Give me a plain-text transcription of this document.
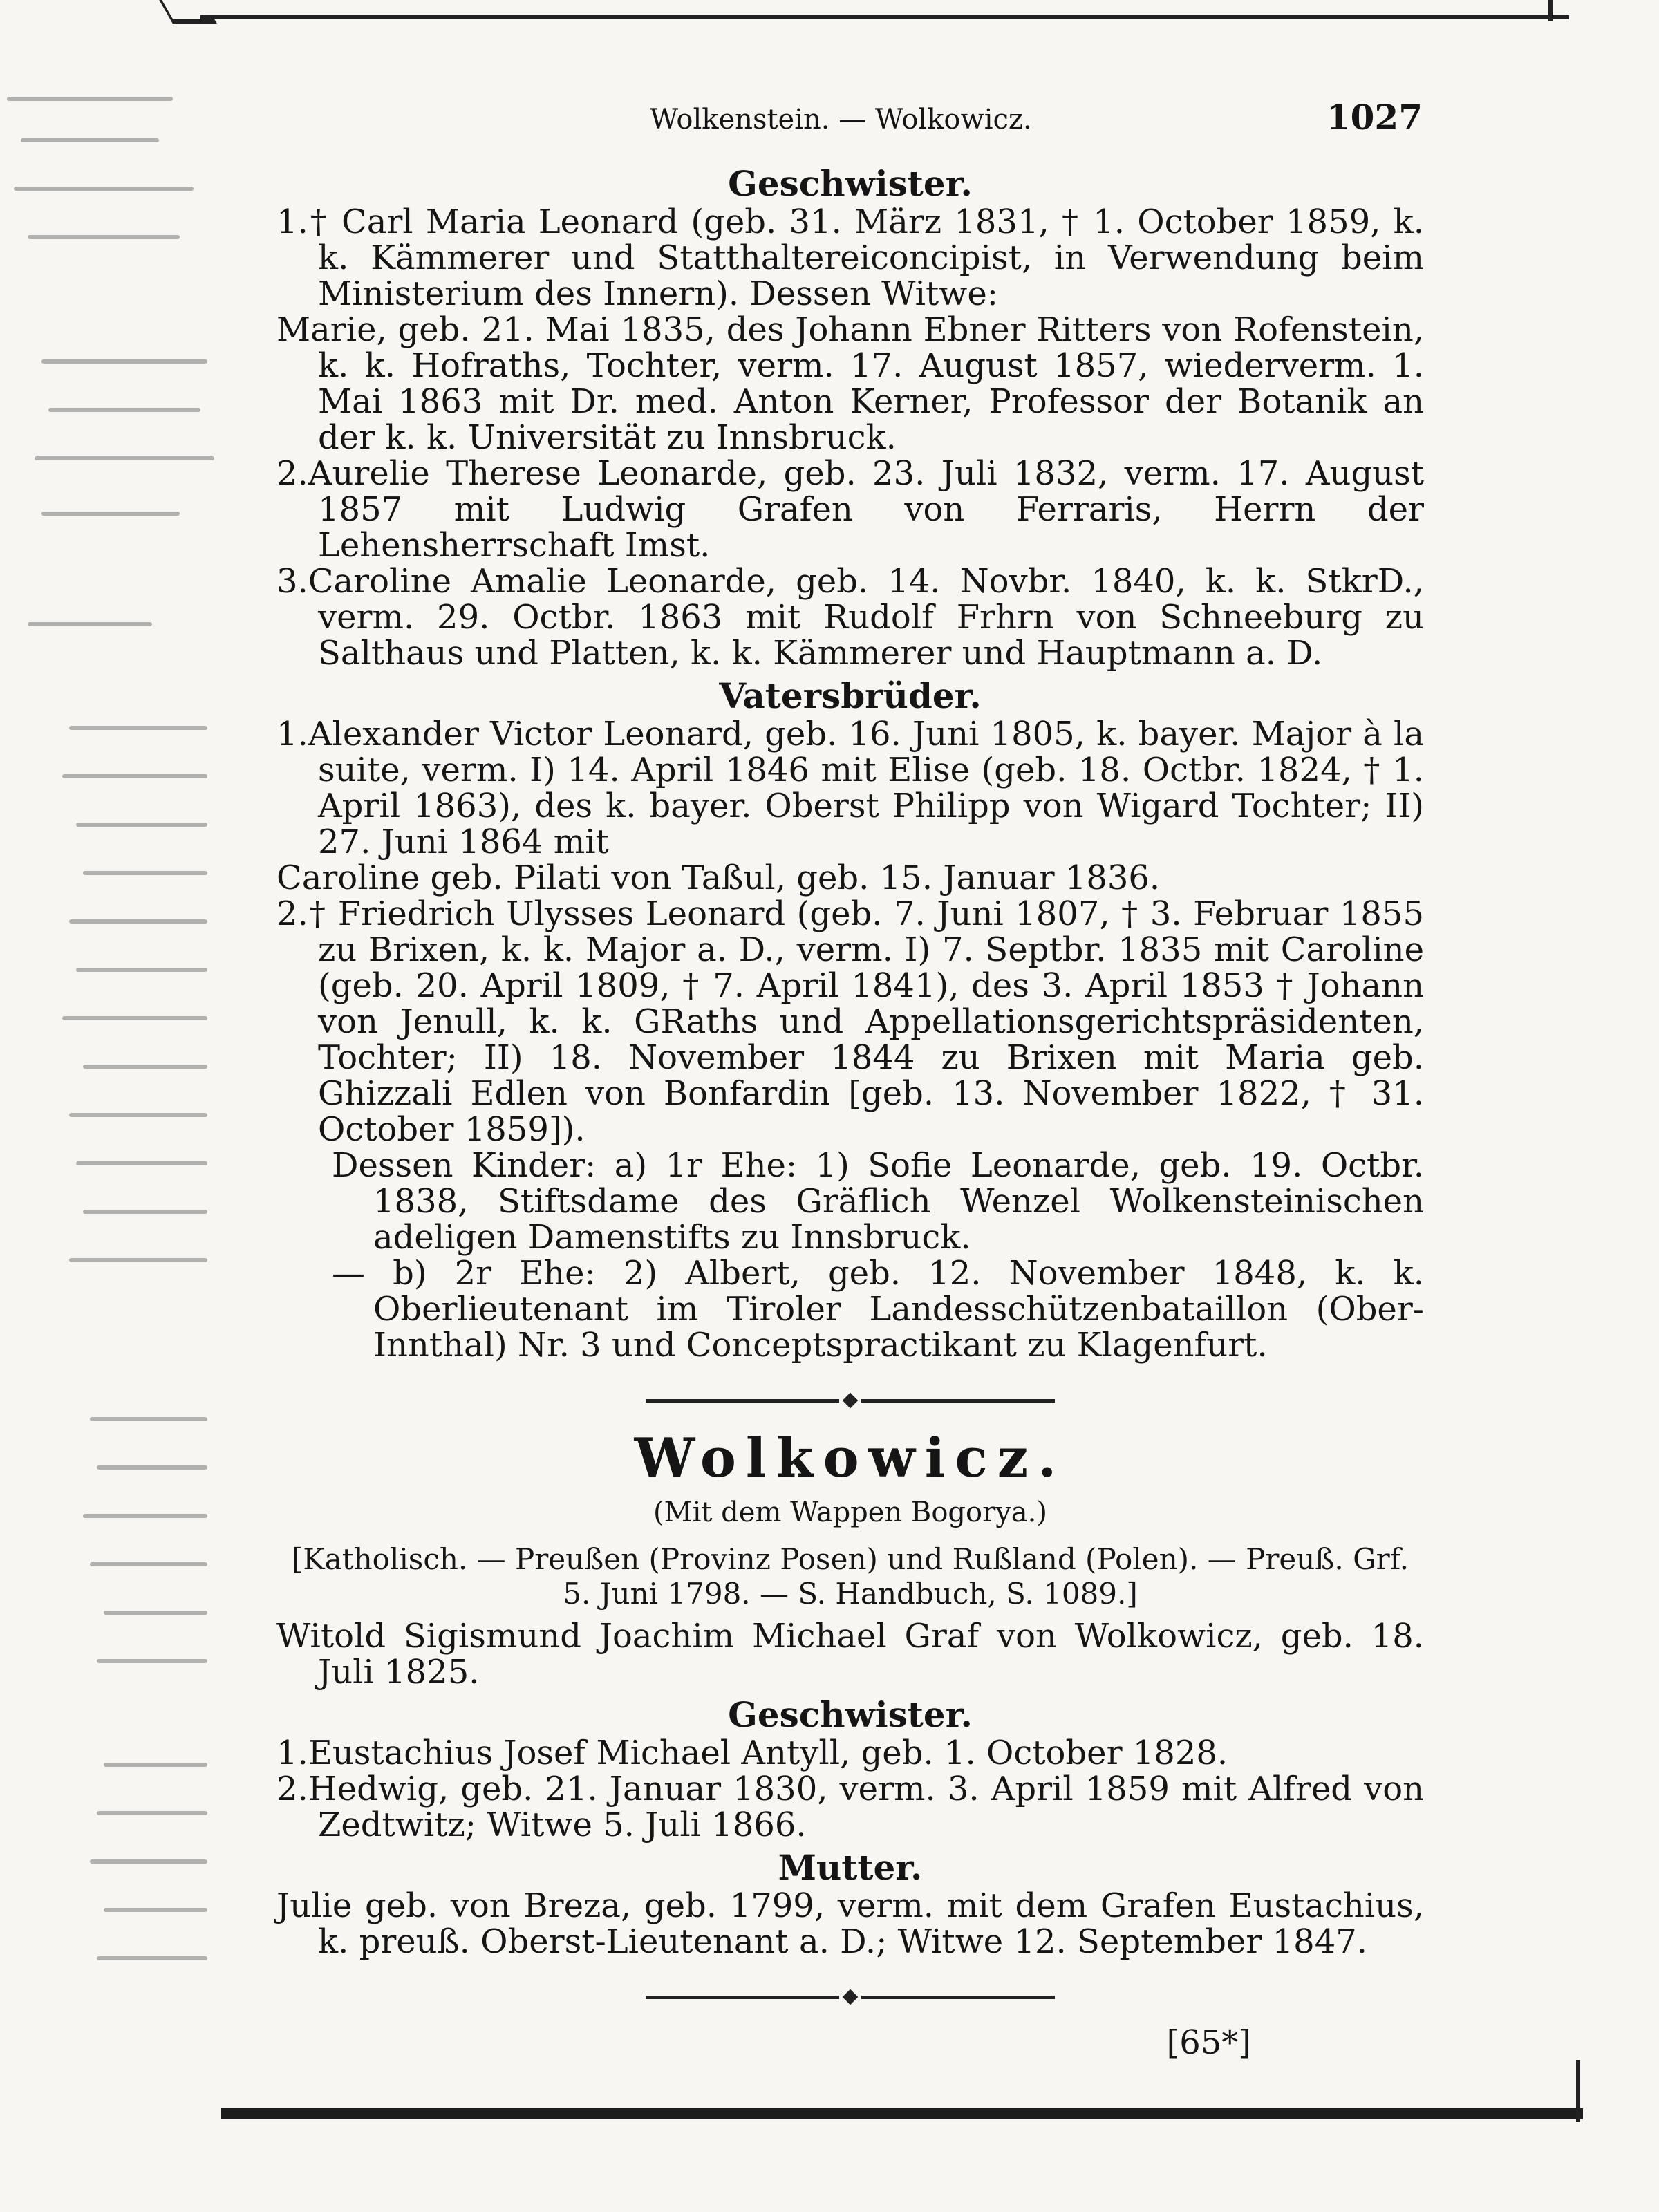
Wolkenstein. — Wolkowicz.	1027
Geschwister.

1.† Carl Maria Leonard (geb. 31. März 1831, † 1. October 1859, k. k. Kämmerer und Statthaltereiconcipist, in Verwendung beim Ministerium des Innern). Dessen Witwe:

Marie, geb. 21. Mai 1835, des Johann Ebner Ritters von Rofenstein, k. k. Hofraths, Tochter, verm. 17. August 1857, wiederverm. 1. Mai 1863 mit Dr. med. Anton Kerner, Professor der Botanik an der k. k. Universität zu Innsbruck.

2.Aurelie Therese Leonarde, geb. 23. Juli 1832, verm. 17. August 1857 mit Ludwig Grafen von Ferraris, Herrn der Lehensherrschaft Imst.

3.Caroline Amalie Leonarde, geb. 14. Novbr. 1840, k. k. StkrD., verm. 29. Octbr. 1863 mit Rudolf Frhrn von Schneeburg zu Salthaus und Platten, k. k. Kämmerer und Hauptmann a. D.

Vatersbrüder.

1.Alexander Victor Leonard, geb. 16. Juni 1805, k. bayer. Major à la suite, verm. I) 14. April 1846 mit Elise (geb. 18. Octbr. 1824, † 1. April 1863), des k. bayer. Oberst Philipp von Wigard Tochter; II) 27. Juni 1864 mit

Caroline geb. Pilati von Taßul, geb. 15. Januar 1836.

2.† Friedrich Ulysses Leonard (geb. 7. Juni 1807, † 3. Februar 1855 zu Brixen, k. k. Major a. D., verm. I) 7. Septbr. 1835 mit Caroline (geb. 20. April 1809, † 7. April 1841), des 3. April 1853 † Johann von Jenull, k. k. GRaths und Appellationsgerichtspräsidenten, Tochter; II) 18. November 1844 zu Brixen mit Maria geb. Ghizzali Edlen von Bonfardin [geb. 13. November 1822, † 31. October 1859]).

Dessen Kinder: a) 1r Ehe: 1) Sofie Leonarde, geb. 19. Octbr. 1838, Stiftsdame des Gräflich Wenzel Wolkensteinischen adeligen Damenstifts zu Innsbruck.

— b) 2r Ehe: 2) Albert, geb. 12. November 1848, k. k. Oberlieutenant im Tiroler Landesschützenbataillon (Ober-Innthal) Nr. 3 und Conceptspractikant zu Klagenfurt.

Wolkowicz.
(Mit dem Wappen Bogorya.)
[Katholisch. — Preußen (Provinz Posen) und Rußland (Polen). — Preuß. Grf. 5. Juni 1798. — S. Handbuch, S. 1089.]

Witold Sigismund Joachim Michael Graf von Wolkowicz, geb. 18. Juli 1825.

Geschwister.

1.Eustachius Josef Michael Antyll, geb. 1. October 1828.

2.Hedwig, geb. 21. Januar 1830, verm. 3. April 1859 mit Alfred von Zedtwitz; Witwe 5. Juli 1866.

Mutter.

Julie geb. von Breza, geb. 1799, verm. mit dem Grafen Eustachius, k. preuß. Oberst-Lieutenant a. D.; Witwe 12. September 1847.

[65*]
